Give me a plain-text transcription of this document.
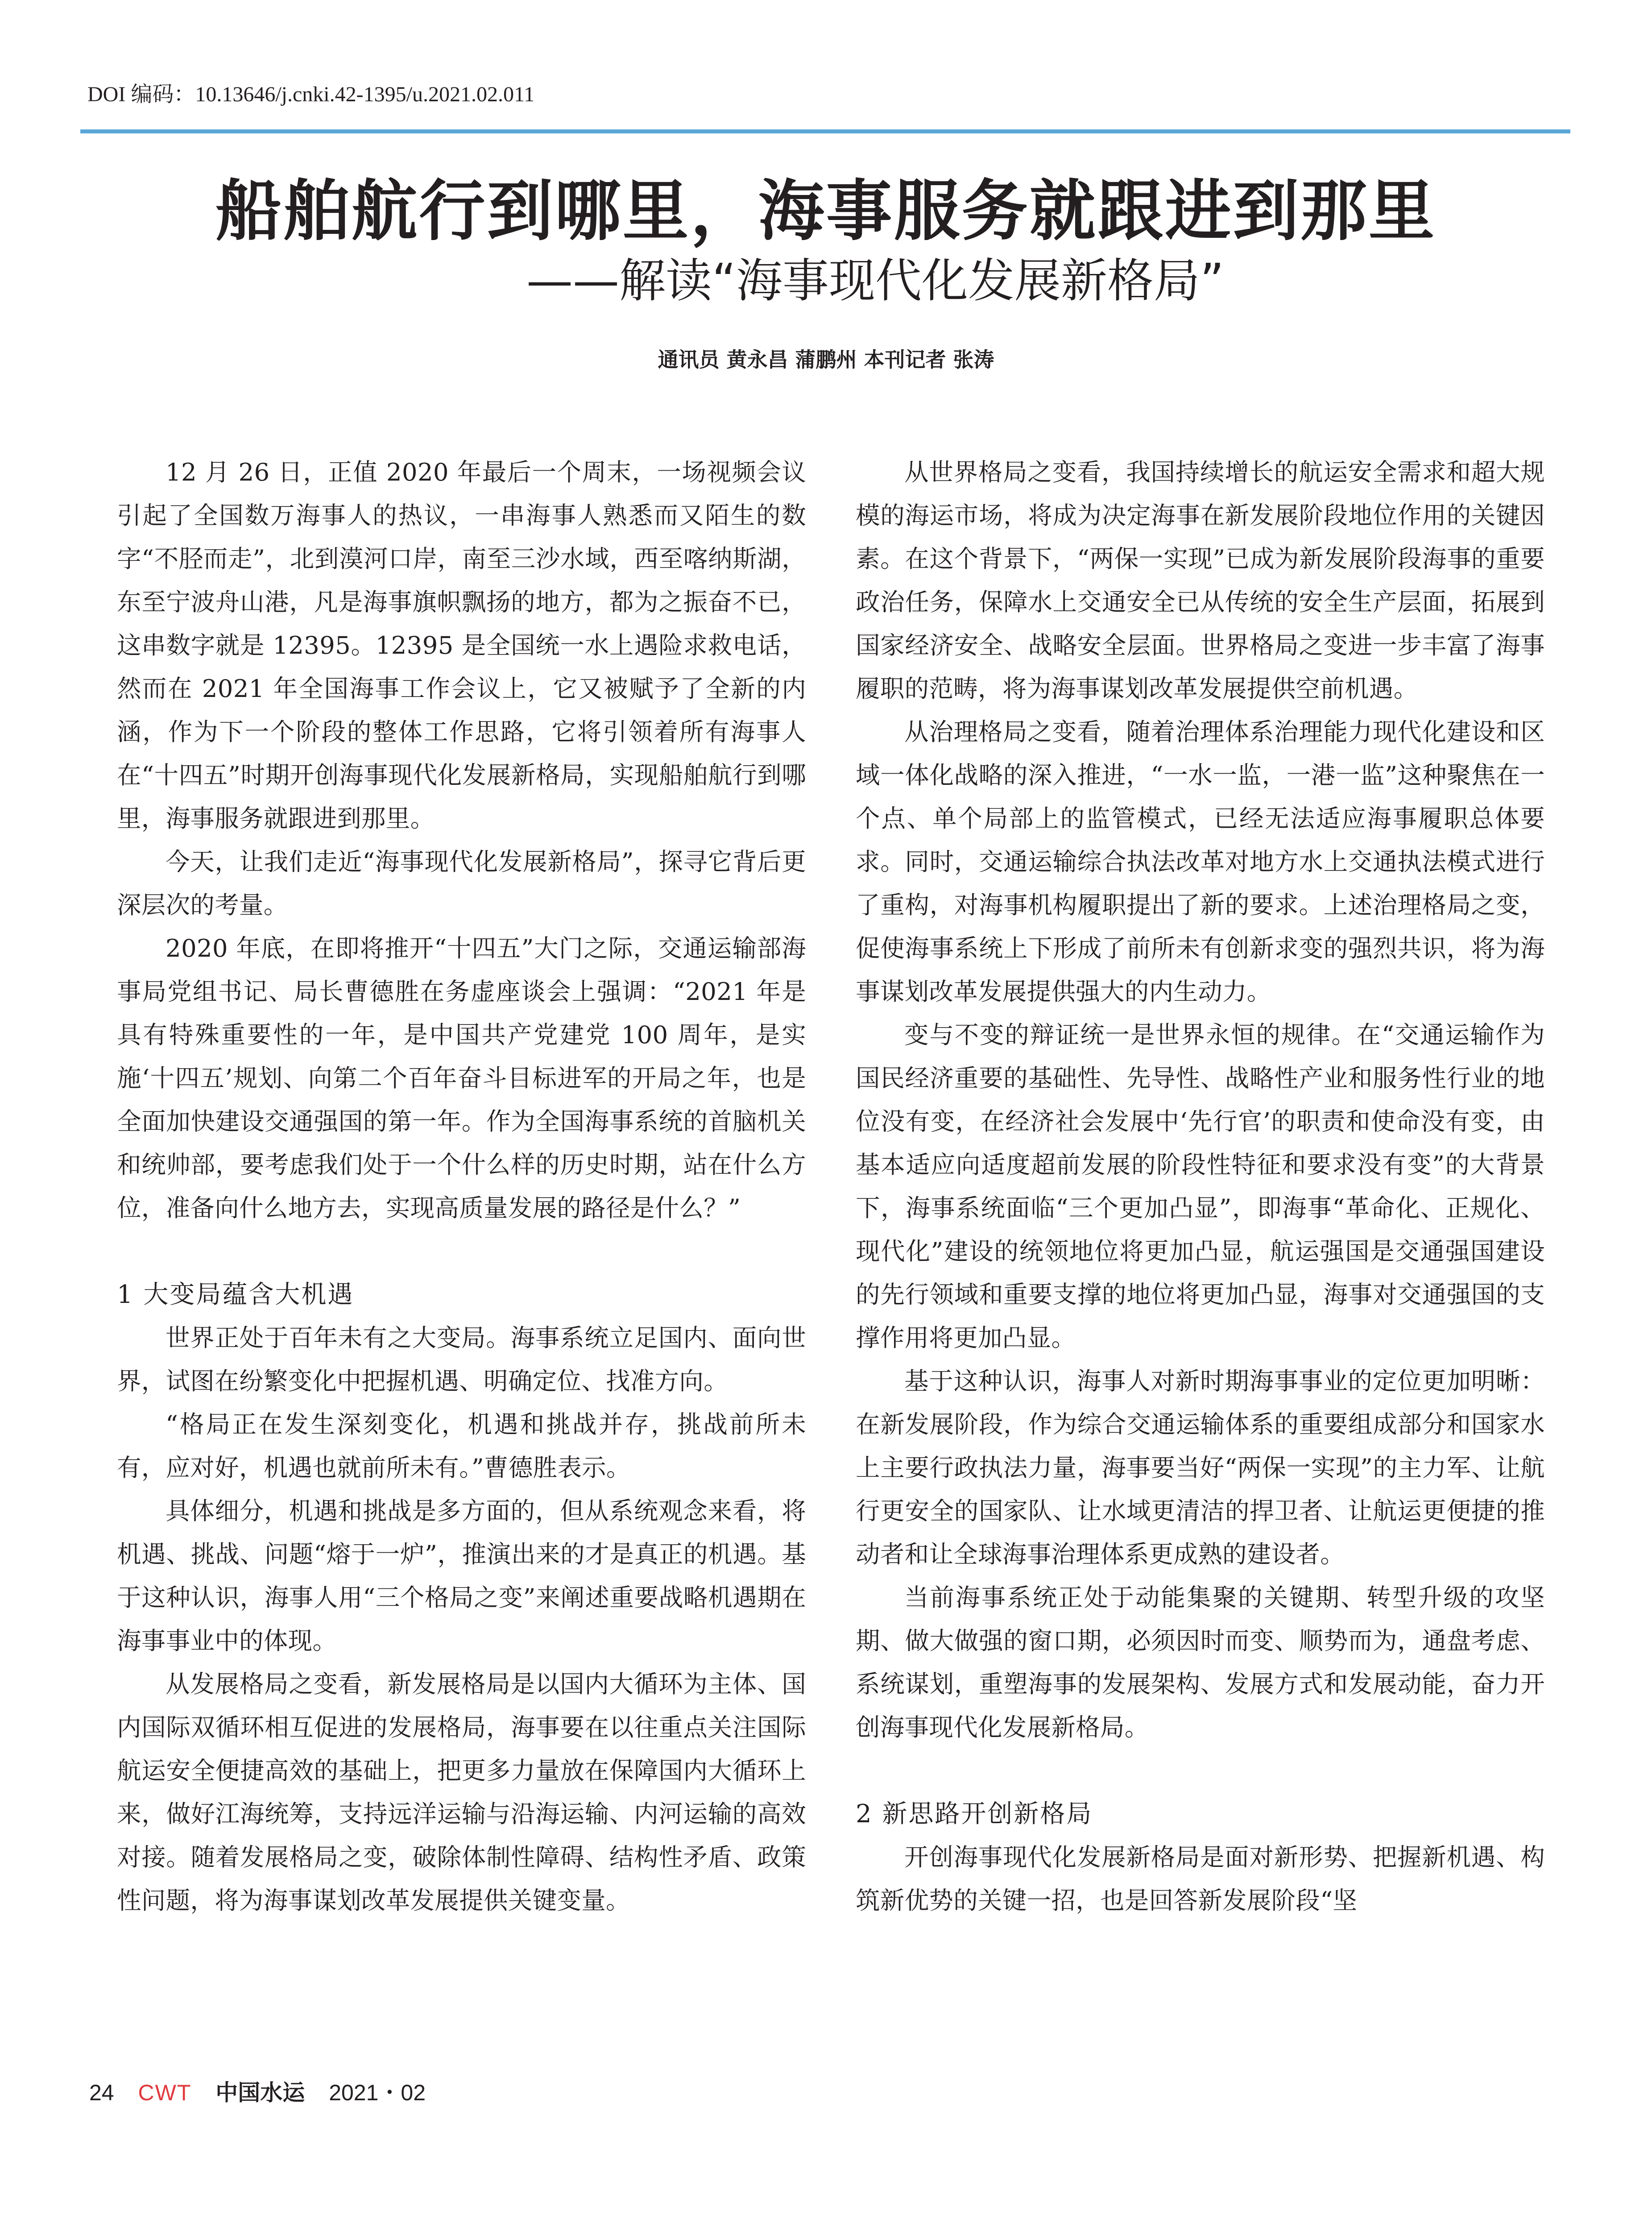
DOI 编码：10.13646/j.cnki.42-1395/u.2021.02.011
船舶航行到哪里，海事服务就跟进到那里
——解读“海事现代化发展新格局”
通讯员 黄永昌 蒲鹏州 本刊记者 张涛

12 月 26 日，正值 2020 年最后一个周末，一场视频会议引起了全国数万海事人的热议，一串海事人熟悉而又陌生的数字“不胫而走”，北到漠河口岸，南至三沙水域，西至喀纳斯湖，东至宁波舟山港，凡是海事旗帜飘扬的地方，都为之振奋不已，这串数字就是 12395。12395 是全国统一水上遇险求救电话，然而在 2021 年全国海事工作会议上，它又被赋予了全新的内涵，作为下一个阶段的整体工作思路，它将引领着所有海事人在“十四五”时期开创海事现代化发展新格局，实现船舶航行到哪里，海事服务就跟进到那里。

今天，让我们走近“海事现代化发展新格局”，探寻它背后更深层次的考量。

2020 年底，在即将推开“十四五”大门之际，交通运输部海事局党组书记、局长曹德胜在务虚座谈会上强调：“2021 年是具有特殊重要性的一年，是中国共产党建党 100 周年，是实施‘十四五’规划、向第二个百年奋斗目标进军的开局之年，也是全面加快建设交通强国的第一年。作为全国海事系统的首脑机关和统帅部，要考虑我们处于一个什么样的历史时期，站在什么方位，准备向什么地方去，实现高质量发展的路径是什么？”

1 大变局蕴含大机遇

世界正处于百年未有之大变局。海事系统立足国内、面向世界，试图在纷繁变化中把握机遇、明确定位、找准方向。

“格局正在发生深刻变化，机遇和挑战并存，挑战前所未有，应对好，机遇也就前所未有。”曹德胜表示。

具体细分，机遇和挑战是多方面的，但从系统观念来看，将机遇、挑战、问题“熔于一炉”，推演出来的才是真正的机遇。基于这种认识，海事人用“三个格局之变”来阐述重要战略机遇期在海事事业中的体现。

从发展格局之变看，新发展格局是以国内大循环为主体、国内国际双循环相互促进的发展格局，海事要在以往重点关注国际航运安全便捷高效的基础上，把更多力量放在保障国内大循环上来，做好江海统筹，支持远洋运输与沿海运输、内河运输的高效对接。随着发展格局之变，破除体制性障碍、结构性矛盾、政策性问题，将为海事谋划改革发展提供关键变量。

从世界格局之变看，我国持续增长的航运安全需求和超大规模的海运市场，将成为决定海事在新发展阶段地位作用的关键因素。在这个背景下，“两保一实现”已成为新发展阶段海事的重要政治任务，保障水上交通安全已从传统的安全生产层面，拓展到国家经济安全、战略安全层面。世界格局之变进一步丰富了海事履职的范畴，将为海事谋划改革发展提供空前机遇。

从治理格局之变看，随着治理体系治理能力现代化建设和区域一体化战略的深入推进，“一水一监，一港一监”这种聚焦在一个点、单个局部上的监管模式，已经无法适应海事履职总体要求。同时，交通运输综合执法改革对地方水上交通执法模式进行了重构，对海事机构履职提出了新的要求。上述治理格局之变，促使海事系统上下形成了前所未有创新求变的强烈共识，将为海事谋划改革发展提供强大的内生动力。

变与不变的辩证统一是世界永恒的规律。在“交通运输作为国民经济重要的基础性、先导性、战略性产业和服务性行业的地位没有变，在经济社会发展中‘先行官’的职责和使命没有变，由基本适应向适度超前发展的阶段性特征和要求没有变”的大背景下，海事系统面临“三个更加凸显”，即海事“革命化、正规化、现代化”建设的统领地位将更加凸显，航运强国是交通强国建设的先行领域和重要支撑的地位将更加凸显，海事对交通强国的支撑作用将更加凸显。

基于这种认识，海事人对新时期海事事业的定位更加明晰：在新发展阶段，作为综合交通运输体系的重要组成部分和国家水上主要行政执法力量，海事要当好“两保一实现”的主力军、让航行更安全的国家队、让水域更清洁的捍卫者、让航运更便捷的推动者和让全球海事治理体系更成熟的建设者。

当前海事系统正处于动能集聚的关键期、转型升级的攻坚期、做大做强的窗口期，必须因时而变、顺势而为，通盘考虑、系统谋划，重塑海事的发展架构、发展方式和发展动能，奋力开创海事现代化发展新格局。

2 新思路开创新格局

开创海事现代化发展新格局是面对新形势、把握新机遇、构筑新优势的关键一招，也是回答新发展阶段“坚

24 CWT 中国水运 2021・02
